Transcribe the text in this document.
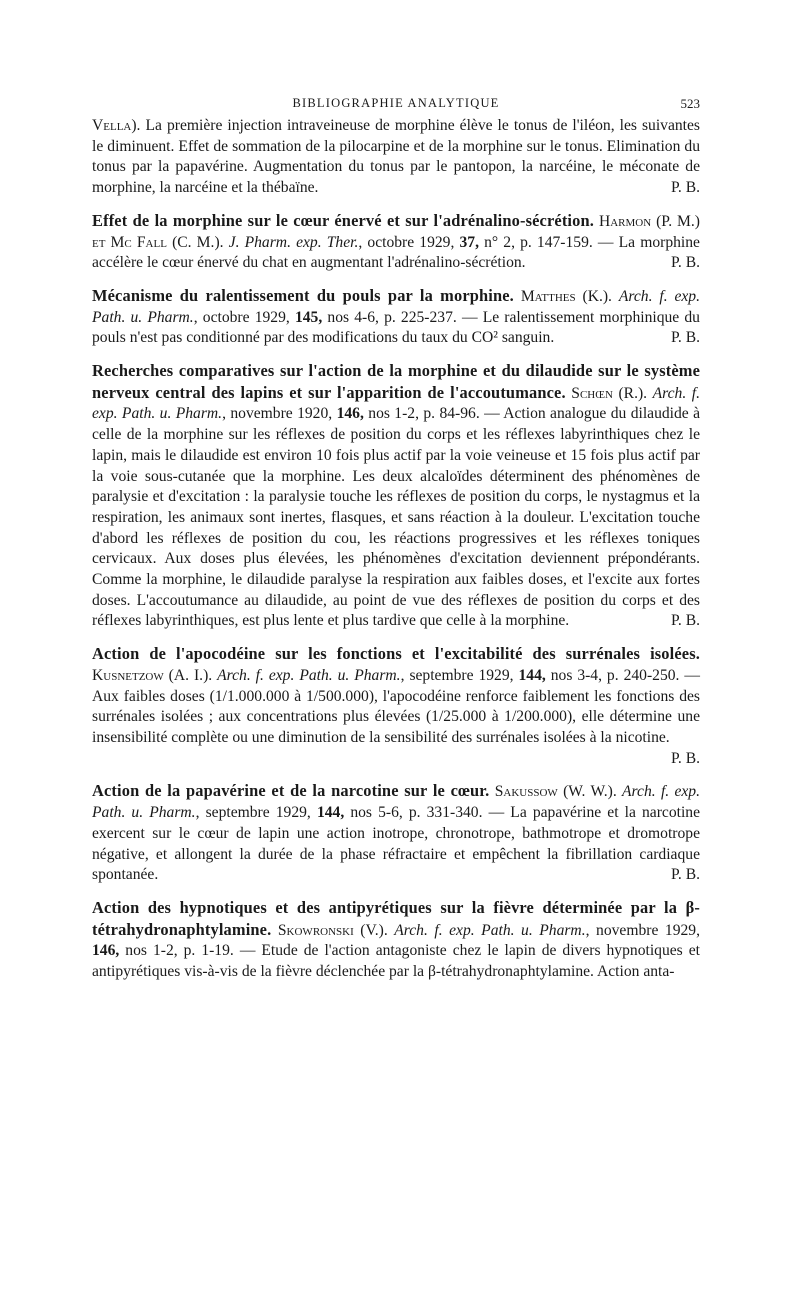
BIBLIOGRAPHIE ANALYTIQUE	523

Vella). La première injection intraveineuse de morphine élève le tonus de l'iléon, les suivantes le diminuent. Effet de sommation de la pilocarpine et de la morphine sur le tonus. Elimination du tonus par la papavérine. Augmentation du tonus par le pantopon, la narcéine, le méconate de morphine, la narcéine et la thébaïne.	P. B.

Effet de la morphine sur le cœur énervé et sur l'adrénalino-sécrétion. Harmon (P. M.) et Mc Fall (C. M.). J. Pharm. exp. Ther., octobre 1929, 37, n° 2, p. 147-159. — La morphine accélère le cœur énervé du chat en augmentant l'adrénalino-sécrétion.	P. B.

Mécanisme du ralentissement du pouls par la morphine. Matthes (K.). Arch. f. exp. Path. u. Pharm., octobre 1929, 145, nos 4-6, p. 225-237. — Le ralentissement morphinique du pouls n'est pas conditionné par des modifications du taux du CO² sanguin.	P. B.

Recherches comparatives sur l'action de la morphine et du dilaudide sur le système nerveux central des lapins et sur l'apparition de l'accoutumance. Schœn (R.). Arch. f. exp. Path. u. Pharm., novembre 1920, 146, nos 1-2, p. 84-96. — Action analogue du dilaudide à celle de la morphine sur les réflexes de position du corps et les réflexes labyrinthiques chez le lapin, mais le dilaudide est environ 10 fois plus actif par la voie veineuse et 15 fois plus actif par la voie sous-cutanée que la morphine. Les deux alcaloïdes déterminent des phénomènes de paralysie et d'excitation : la paralysie touche les réflexes de position du corps, le nystagmus et la respiration, les animaux sont inertes, flasques, et sans réaction à la douleur. L'excitation touche d'abord les réflexes de position du cou, les réactions progressives et les réflexes toniques cervicaux. Aux doses plus élevées, les phénomènes d'excitation deviennent prépondérants. Comme la morphine, le dilaudide paralyse la respiration aux faibles doses, et l'excite aux fortes doses. L'accoutumance au dilaudide, au point de vue des réflexes de position du corps et des réflexes labyrinthiques, est plus lente et plus tardive que celle à la morphine.	P. B.

Action de l'apocodéine sur les fonctions et l'excitabilité des surrénales isolées. Kusnetzow (A. I.). Arch. f. exp. Path. u. Pharm., septembre 1929, 144, nos 3-4, p. 240-250. — Aux faibles doses (1/1.000.000 à 1/500.000), l'apocodéine renforce faiblement les fonctions des surrénales isolées ; aux concentrations plus élevées (1/25.000 à 1/200.000), elle détermine une insensibilité complète ou une diminution de la sensibilité des surrénales isolées à la nicotine.
P. B.

Action de la papavérine et de la narcotine sur le cœur. Sakussow (W. W.). Arch. f. exp. Path. u. Pharm., septembre 1929, 144, nos 5-6, p. 331-340. — La papavérine et la narcotine exercent sur le cœur de lapin une action inotrope, chronotrope, bathmotrope et dromotrope négative, et allongent la durée de la phase réfractaire et empêchent la fibrillation cardiaque spontanée.	P. B.

Action des hypnotiques et des antipyrétiques sur la fièvre déterminée par la β-tétrahydronaphtylamine. Skowronski (V.). Arch. f. exp. Path. u. Pharm., novembre 1929, 146, nos 1-2, p. 1-19. — Etude de l'action antagoniste chez le lapin de divers hypnotiques et antipyrétiques vis-à-vis de la fièvre déclenchée par la β-tétrahydronaphtylamine. Action anta-
